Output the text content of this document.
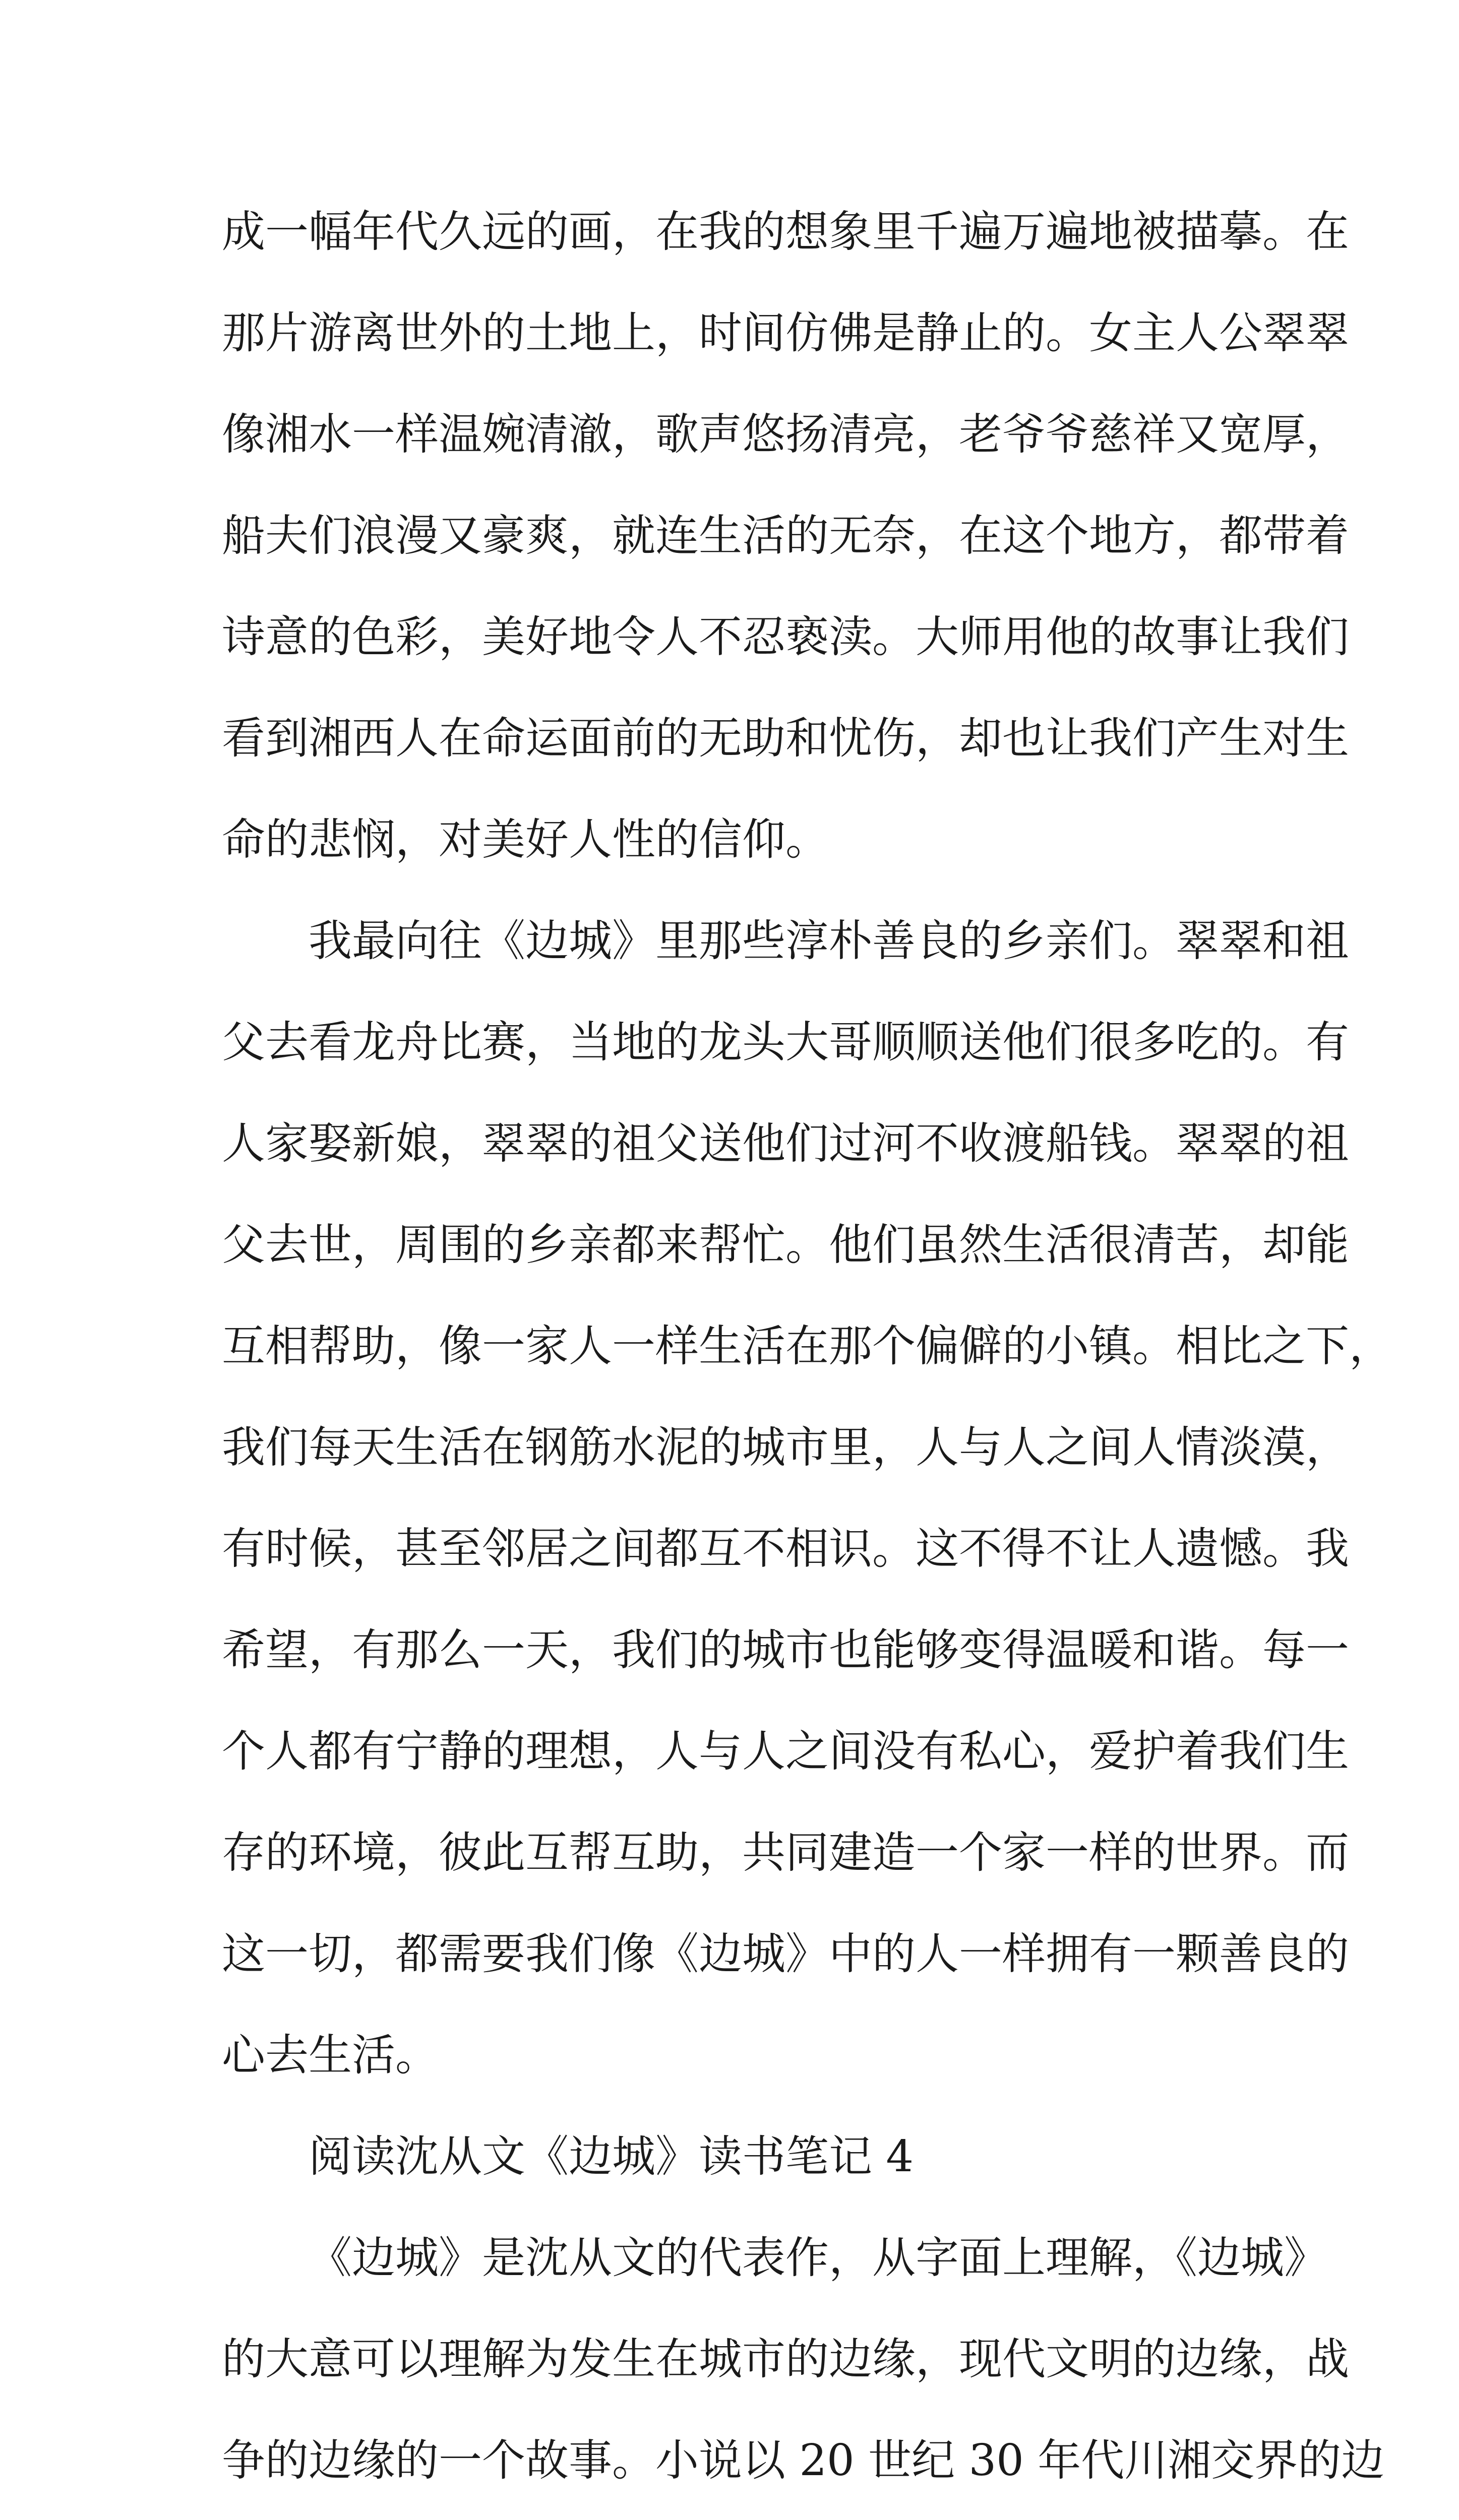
成一幅年代久远的画，在我的想象里千遍万遍地被描摹。在
那片游离世外的土地上，时间仿佛是静止的。女主人公翠翠
像湘水一样温婉清澈，歌声悠扬清亮，老爷爷慈祥又宽厚，
船夫们浪漫又豪爽，就连生活的无奈，在这个地方，都带着
诗意的色彩，美好地令人不忍亵渎。大师用他的故事让我们
看到湘西人在命运面前的无助和忧伤，却也让我们产生对生
命的悲悯，对美好人性的信仰。
我最向往《边城》里那些淳朴善良的乡亲们。翠翠和祖
父去看龙舟比赛，当地的龙头大哥顺顺送他们很多吃的。有
人家娶新娘，翠翠的祖父送他们过河不收渡船钱。翠翠的祖
父去世，周围的乡亲都来帮忙。他们虽然生活很清苦，却能
互相帮助，像一家人一样生活在那个偏僻的小镇。相比之下，
我们每天生活在钢筋水泥的城市里，人与人之间人情淡漠，
有时候，甚至邻居之间都互不相识。这不得不让人遗憾。我
希望，有那么一天，我们的城市也能够变得温暖和谐。每一
个人都有宁静的理想，人与人之间没有私心，爱护着我们生
存的环境，彼此互帮互助，共同建造一个家一样的世界。而
这一切，都需要我们像《边城》中的人一样拥有一颗善良的
心去生活。
阅读沈从文《边城》读书笔记 4
《边城》是沈从文的代表作，从字面上理解，《边城》
的大意可以理解为发生在城市的边缘，现代文明的边缘，战
争的边缘的一个故事。小说以 20 世纪 30 年代川湘交界的边
